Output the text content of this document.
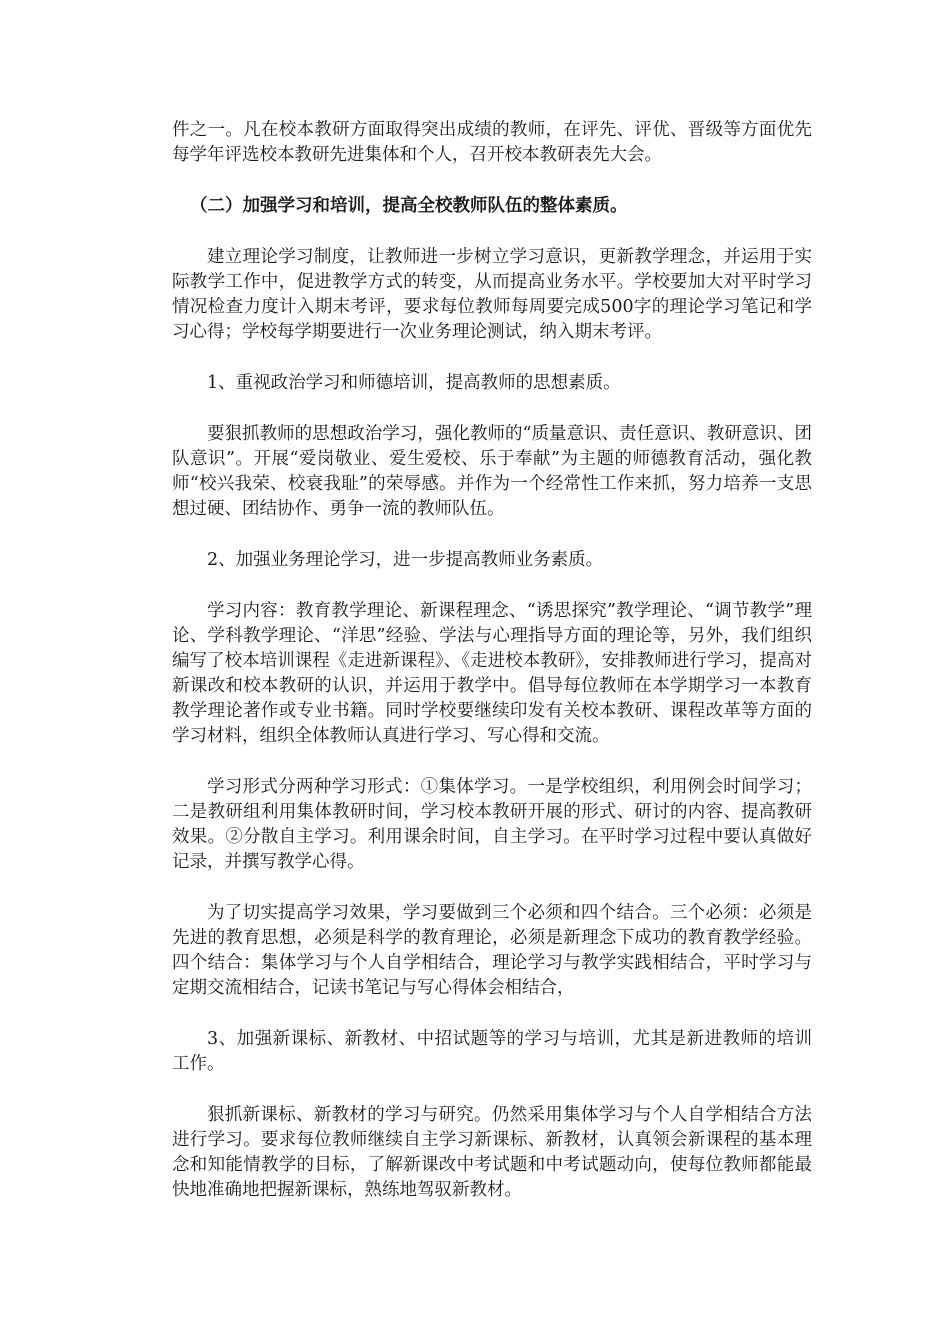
件之一。凡在校本教研方面取得突出成绩的教师，在评先、评优、晋级等方面优先每学年评选校本教研先进集体和个人，召开校本教研表先大会。

（二）加强学习和培训，提高全校教师队伍的整体素质。

建立理论学习制度，让教师进一步树立学习意识，更新教学理念，并运用于实际教学工作中，促进教学方式的转变，从而提高业务水平。学校要加大对平时学习情况检查力度计入期末考评，要求每位教师每周要完成500字的理论学习笔记和学习心得；学校每学期要进行一次业务理论测试，纳入期末考评。

1、重视政治学习和师德培训，提高教师的思想素质。

要狠抓教师的思想政治学习，强化教师的“质量意识、责任意识、教研意识、团队意识”。开展“爱岗敬业、爱生爱校、乐于奉献”为主题的师德教育活动，强化教师“校兴我荣、校衰我耻”的荣辱感。并作为一个经常性工作来抓，努力培养一支思想过硬、团结协作、勇争一流的教师队伍。

2、加强业务理论学习，进一步提高教师业务素质。

学习内容：教育教学理论、新课程理念、“诱思探究”教学理论、“调节教学”理论、学科教学理论、“洋思”经验、学法与心理指导方面的理论等，另外，我们组织编写了校本培训课程《走进新课程》、《走进校本教研》，安排教师进行学习，提高对新课改和校本教研的认识，并运用于教学中。倡导每位教师在本学期学习一本教育教学理论著作或专业书籍。同时学校要继续印发有关校本教研、课程改革等方面的学习材料，组织全体教师认真进行学习、写心得和交流。

学习形式分两种学习形式：①集体学习。一是学校组织，利用例会时间学习；二是教研组利用集体教研时间，学习校本教研开展的形式、研讨的内容、提高教研效果。②分散自主学习。利用课余时间，自主学习。在平时学习过程中要认真做好记录，并撰写教学心得。

为了切实提高学习效果，学习要做到三个必须和四个结合。三个必须：必须是先进的教育思想，必须是科学的教育理论，必须是新理念下成功的教育教学经验。四个结合：集体学习与个人自学相结合，理论学习与教学实践相结合，平时学习与定期交流相结合，记读书笔记与写心得体会相结合，

3、加强新课标、新教材、中招试题等的学习与培训，尤其是新进教师的培训工作。

狠抓新课标、新教材的学习与研究。仍然采用集体学习与个人自学相结合方法进行学习。要求每位教师继续自主学习新课标、新教材，认真领会新课程的基本理念和知能情教学的目标，了解新课改中考试题和中考试题动向，使每位教师都能最快地准确地把握新课标，熟练地驾驭新教材。
